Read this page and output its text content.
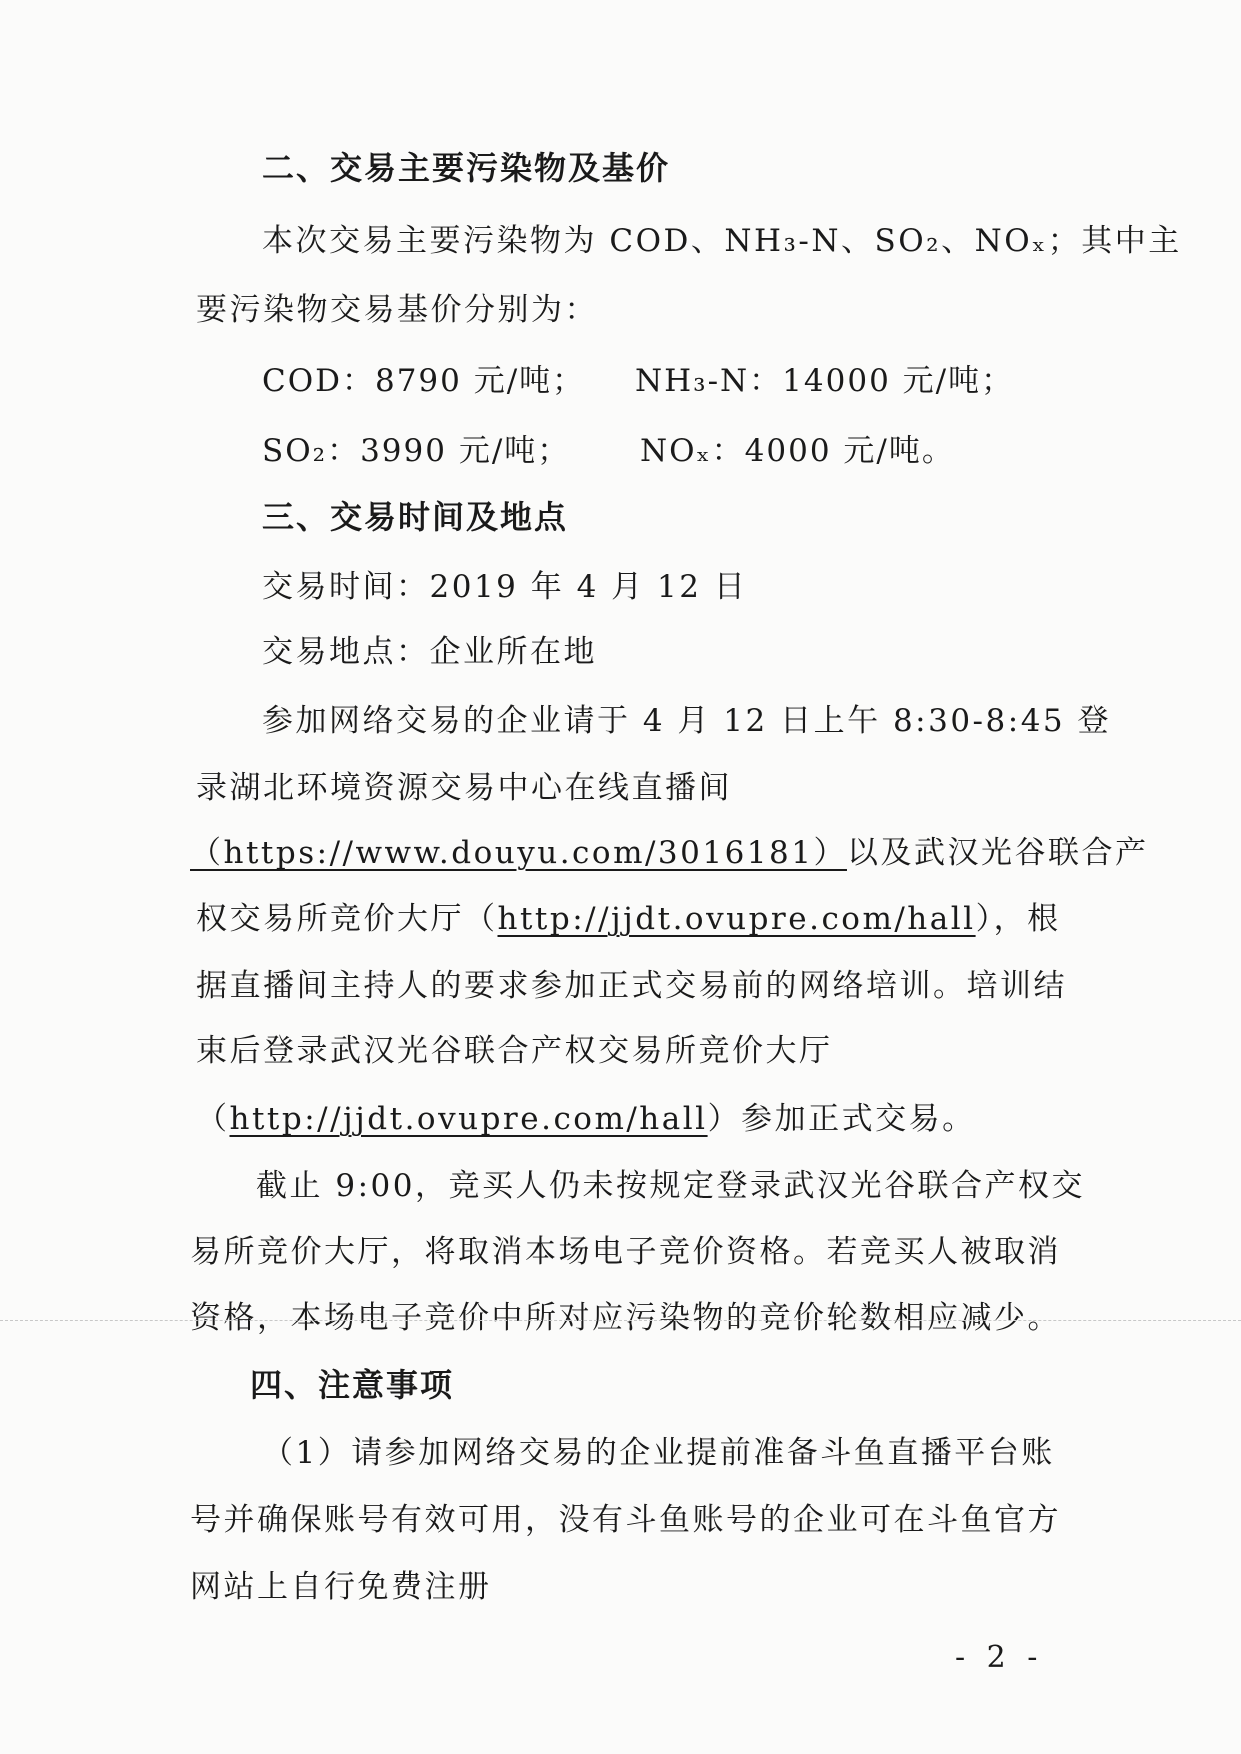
二、交易主要污染物及基价
本次交易主要污染物为 COD、NH₃-N、SO₂、NOₓ；其中主
要污染物交易基价分别为：
COD：8790 元/吨； NH₃-N：14000 元/吨；
SO₂：3990 元/吨； NOₓ：4000 元/吨。
三、交易时间及地点
交易时间：2019 年 4 月 12 日
交易地点：企业所在地
参加网络交易的企业请于 4 月 12 日上午 8:30-8:45 登
录湖北环境资源交易中心在线直播间
（https://www.douyu.com/3016181）以及武汉光谷联合产
权交易所竞价大厅（http://jjdt.ovupre.com/hall），根
据直播间主持人的要求参加正式交易前的网络培训。培训结
束后登录武汉光谷联合产权交易所竞价大厅
（http://jjdt.ovupre.com/hall）参加正式交易。
截止 9:00，竞买人仍未按规定登录武汉光谷联合产权交
易所竞价大厅，将取消本场电子竞价资格。若竞买人被取消
资格，本场电子竞价中所对应污染物的竞价轮数相应减少。
四、注意事项
（1）请参加网络交易的企业提前准备斗鱼直播平台账
号并确保账号有效可用，没有斗鱼账号的企业可在斗鱼官方
网站上自行免费注册
- 2 -
